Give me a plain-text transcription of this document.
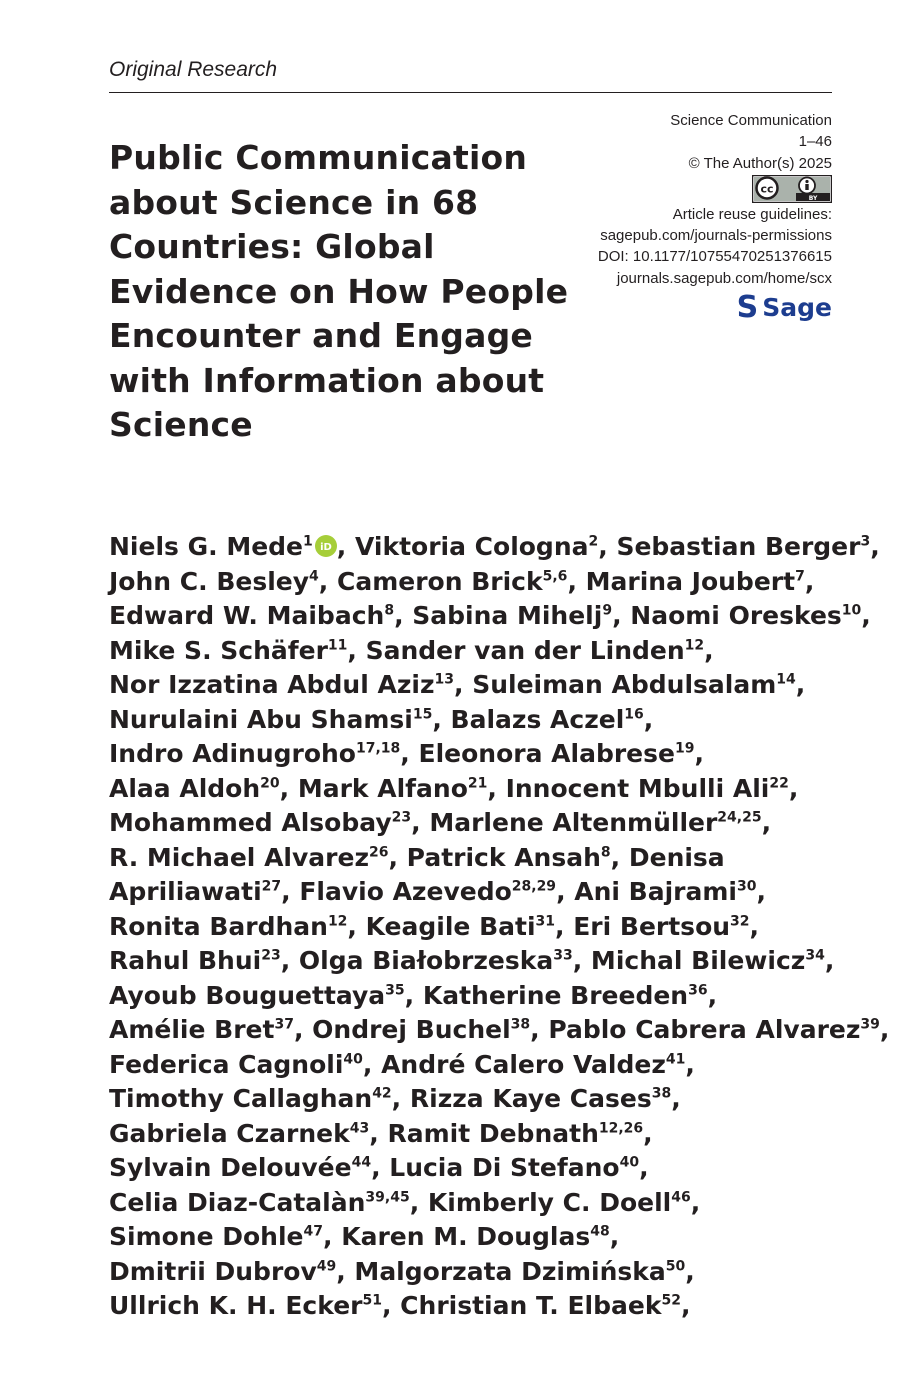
Original Research
Public Communication about Science in 68 Countries: Global Evidence on How People Encounter and Engage with Information about Science
Science Communication
1–46
© The Author(s) 2025
cc
BY
Article reuse guidelines:
sagepub.com/journals-permissions
DOI: 10.1177/10755470251376615
journals.sagepub.com/home/scx
S Sage
Niels G. Mede$^1$ iD , Viktoria Cologna$^2$, Sebastian Berger$^3$,
John C. Besley$^4$, Cameron Brick$^{5,6}$, Marina Joubert$^7$,
Edward W. Maibach$^8$, Sabina Mihelj$^9$, Naomi Oreskes$^{10}$,
Mike S. Schäfer$^{11}$, Sander van der Linden$^{12}$,
Nor Izzatina Abdul Aziz$^{13}$, Suleiman Abdulsalam$^{14}$,
Nurulaini Abu Shamsi$^{15}$, Balazs Aczel$^{16}$,
Indro Adinugroho$^{17,18}$, Eleonora Alabrese$^{19}$,
Alaa Aldoh$^{20}$, Mark Alfano$^{21}$, Innocent Mbulli Ali$^{22}$,
Mohammed Alsobay$^{23}$, Marlene Altenmüller$^{24,25}$,
R. Michael Alvarez$^{26}$, Patrick Ansah$^8$, Denisa
Apriliawati$^{27}$, Flavio Azevedo$^{28,29}$, Ani Bajrami$^{30}$,
Ronita Bardhan$^{12}$, Keagile Bati$^{31}$, Eri Bertsou$^{32}$,
Rahul Bhui$^{23}$, Olga Białobrzeska$^{33}$, Michal Bilewicz$^{34}$,
Ayoub Bouguettaya$^{35}$, Katherine Breeden$^{36}$,
Amélie Bret$^{37}$, Ondrej Buchel$^{38}$, Pablo Cabrera Alvarez$^{39}$,
Federica Cagnoli$^{40}$, André Calero Valdez$^{41}$,
Timothy Callaghan$^{42}$, Rizza Kaye Cases$^{38}$,
Gabriela Czarnek$^{43}$, Ramit Debnath$^{12,26}$,
Sylvain Delouvée$^{44}$, Lucia Di Stefano$^{40}$,
Celia Diaz-Catalàn$^{39,45}$, Kimberly C. Doell$^{46}$,
Simone Dohle$^{47}$, Karen M. Douglas$^{48}$,
Dmitrii Dubrov$^{49}$, Malgorzata Dzimińska$^{50}$,
Ullrich K. H. Ecker$^{51}$, Christian T. Elbaek$^{52}$,
